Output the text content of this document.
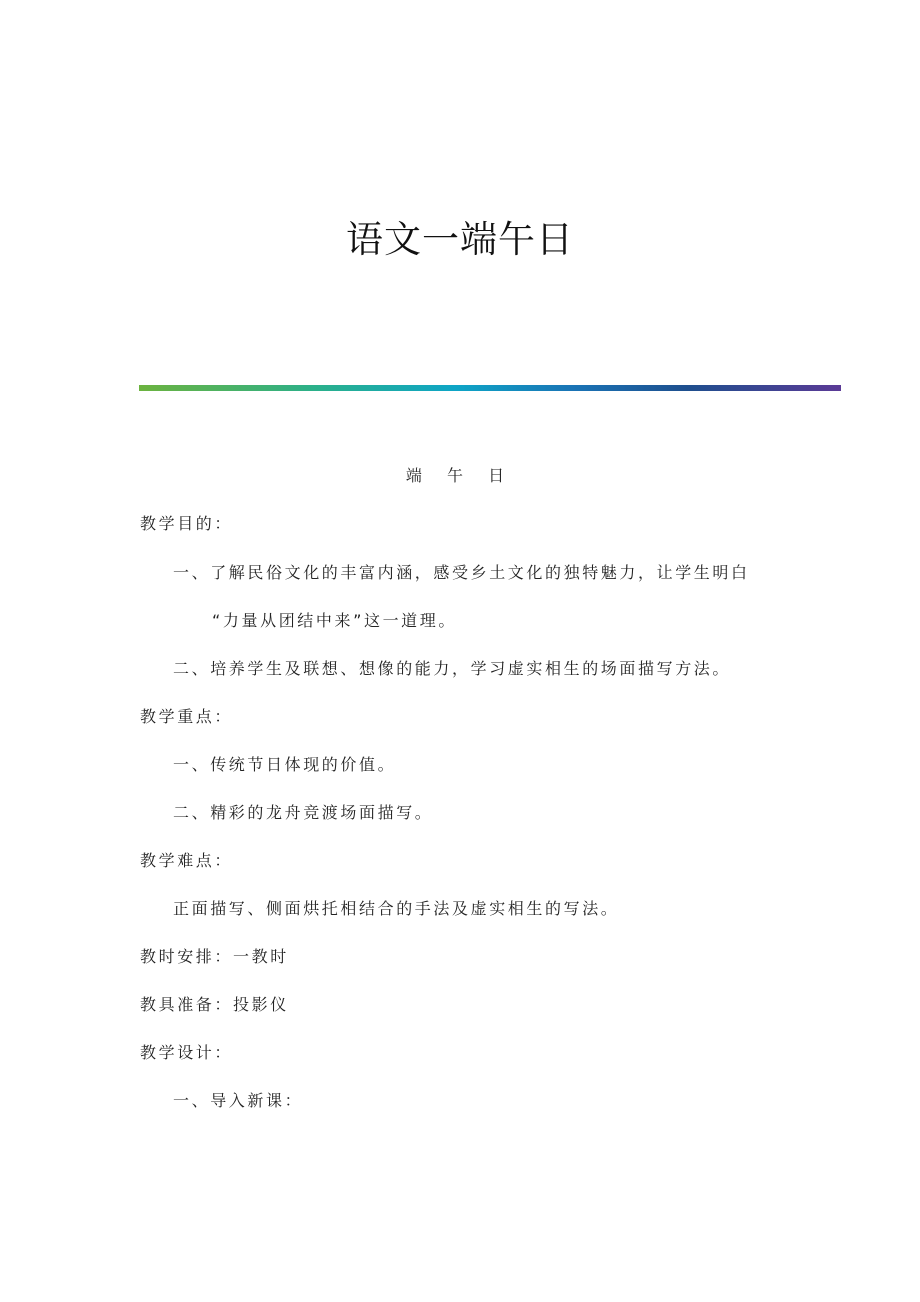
语文一端午日
端 午 日
教学目的：
一、了解民俗文化的丰富内涵，感受乡土文化的独特魅力，让学生明白
“力量从团结中来”这一道理。
二、培养学生及联想、想像的能力，学习虚实相生的场面描写方法。
教学重点：
一、传统节日体现的价值。
二、精彩的龙舟竞渡场面描写。
教学难点：
正面描写、侧面烘托相结合的手法及虚实相生的写法。
教时安排：一教时
教具准备：投影仪
教学设计：
一、导入新课：
